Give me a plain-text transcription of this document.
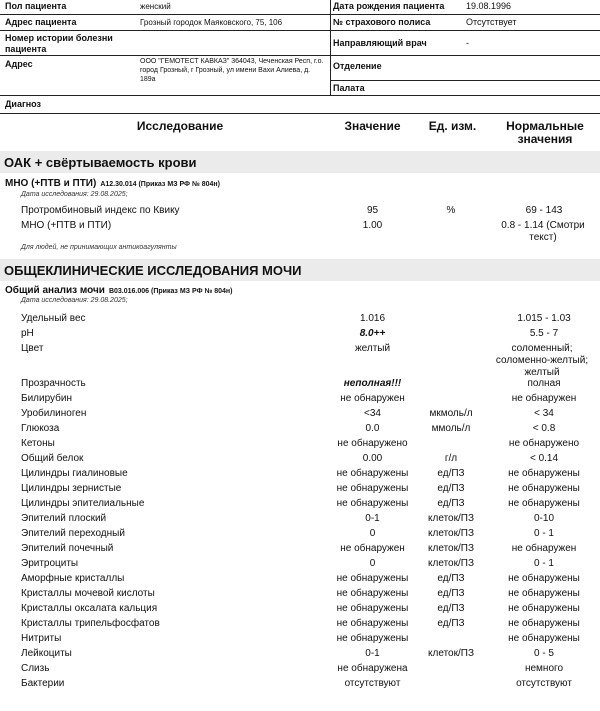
Пол пациента	женский	Дата рождения пациента 19.08.1996
Адрес пациента	Грозный городок Маяковского, 75, 106	№ страхового полиса	Отсутствует
Номер истории болезни пациента
Направляющий врач	-
Адрес	ООО "ГЕМОТЕСТ КАВКАЗ" 364043, Чеченская Респ, г.о. город Грозный, г Грозный, ул имени Вахи Алиева, д. 189а
Отделение
Палата
Диагноз
Исследование	Значение	Ед. изм.	Нормальные значения
ОАК + свёртываемость крови
МНО (+ПТВ и ПТИ) A12.30.014 (Приказ МЗ РФ № 804н)
Дата исследования: 29.08.2025;
Протромбиновый индекс по Квику	95	%	69 - 143
МНО (+ПТВ и ПТИ)	1.00	0.8 - 1.14 (Смотри текст)
Для людей, не принимающих антикоагулянты
ОБЩЕКЛИНИЧЕСКИЕ ИССЛЕДОВАНИЯ МОЧИ
Общий анализ мочи B03.016.006 (Приказ МЗ РФ № 804н)
Дата исследования: 29.08.2025;
Удельный вес	1.016	1.015 - 1.03
pH	8.0++	5.5 - 7
Цвет	желтый	соломенный; соломенно-желтый; желтый
Прозрачность	неполная!!!	полная
Билирубин	не обнаружен	не обнаружен
Уробилиноген	<34	мкмоль/л	< 34
Глюкоза	0.0	ммоль/л	< 0.8
Кетоны	не обнаружено	не обнаружено
Общий белок	0.00	г/л	< 0.14
Цилиндры гиалиновые	не обнаружены	ед/ПЗ	не обнаружены
Цилиндры зернистые	не обнаружены	ед/ПЗ	не обнаружены
Цилиндры эпителиальные	не обнаружены	ед/ПЗ	не обнаружены
Эпителий плоский	0-1	клеток/ПЗ	0-10
Эпителий переходный	0	клеток/ПЗ	0 - 1
Эпителий почечный	не обнаружен	клеток/ПЗ	не обнаружен
Эритроциты	0	клеток/ПЗ	0 - 1
Аморфные кристаллы	не обнаружены	ед/ПЗ	не обнаружены
Кристаллы мочевой кислоты	не обнаружены	ед/ПЗ	не обнаружены
Кристаллы оксалата кальция	не обнаружены	ед/ПЗ	не обнаружены
Кристаллы трипельфосфатов	не обнаружены	ед/ПЗ	не обнаружены
Нитриты	не обнаружены	не обнаружены
Лейкоциты	0-1	клеток/ПЗ	0 - 5
Слизь	не обнаружена	немного
Бактерии	отсутствуют	отсутствуют
